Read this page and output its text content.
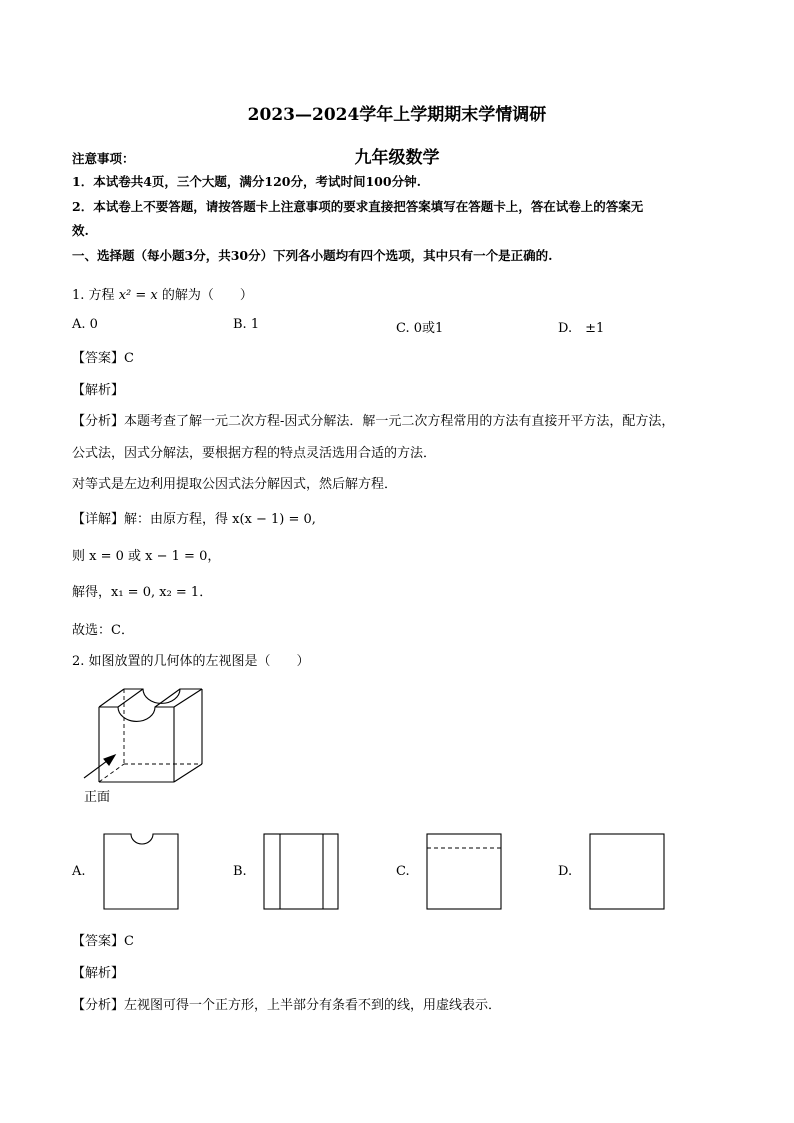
2023—2024学年上学期期末学情调研
九年级数学
注意事项：
1．本试卷共4页，三个大题，满分120分，考试时间100分钟.
2．本试卷上不要答题，请按答题卡上注意事项的要求直接把答案填写在答题卡上，答在试卷上的答案无
效.
一、选择题（每小题3分，共30分）下列各小题均有四个选项，其中只有一个是正确的.
1. 方程 x² = x 的解为（　　）
A. 0	B. 1	C. 0或1	D.　±1
【答案】C
【解析】
【分析】本题考查了解一元二次方程-因式分解法．解一元二次方程常用的方法有直接开平方法，配方法，
公式法，因式分解法，要根据方程的特点灵活选用合适的方法．
对等式是左边利用提取公因式法分解因式，然后解方程．
【详解】解：由原方程，得 x(x − 1) = 0,
则 x = 0 或 x − 1 = 0，
解得，x₁ = 0, x₂ = 1．
故选：C．
2. 如图放置的几何体的左视图是（　　）
正面
A.	B.	C.	D.
【答案】C
【解析】
【分析】左视图可得一个正方形，上半部分有条看不到的线，用虚线表示．
